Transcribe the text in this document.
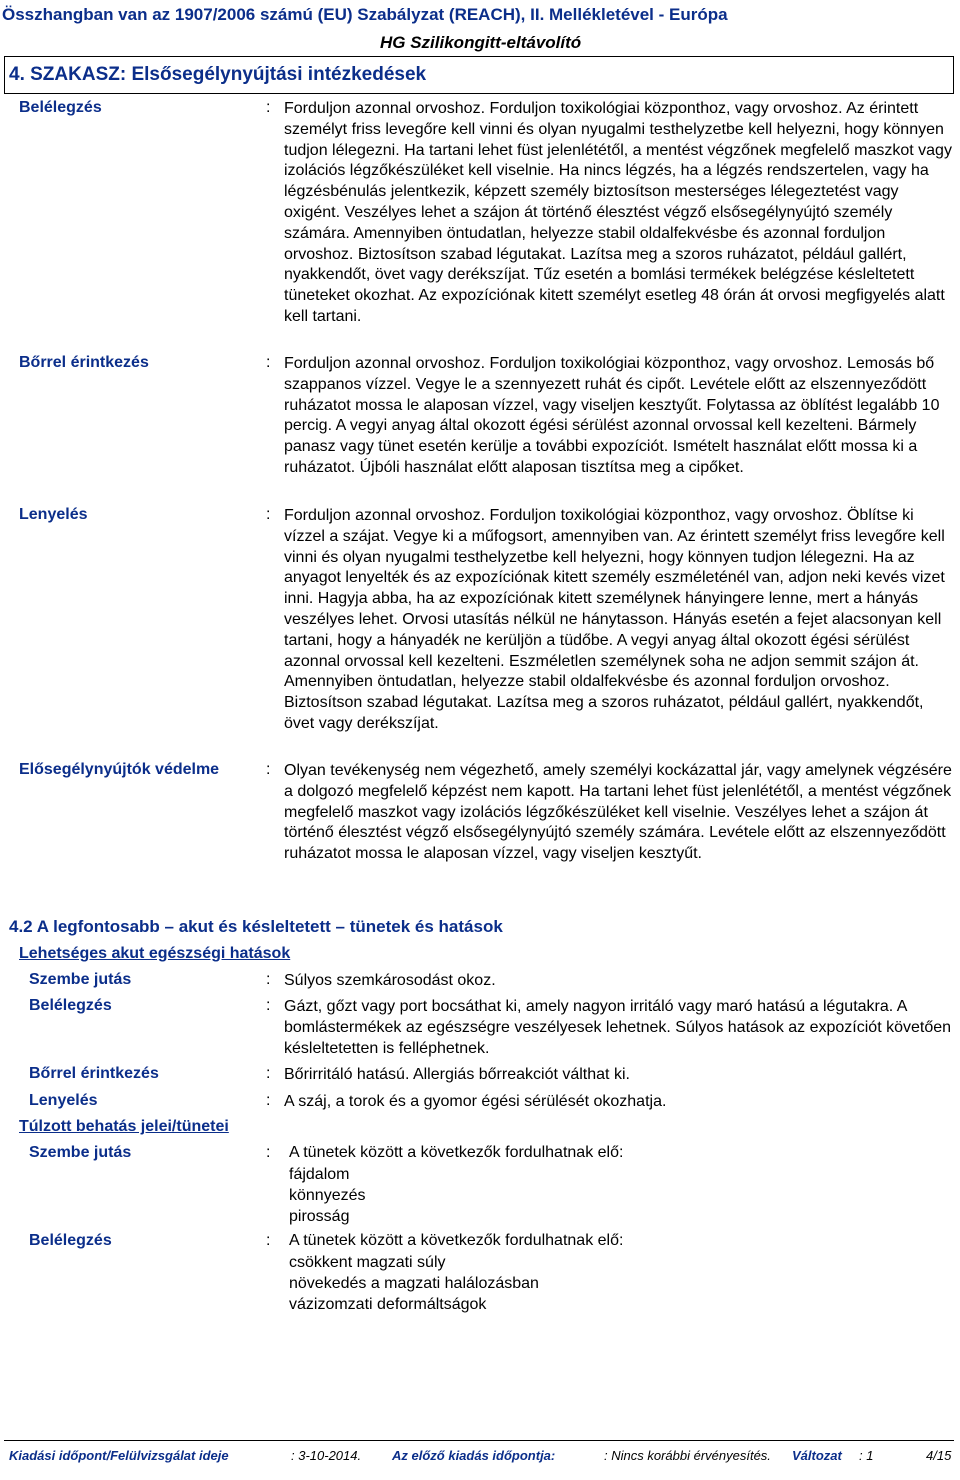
Összhangban van az 1907/2006 számú (EU) Szabályzat (REACH), II. Mellékletével - Európa
HG Szilikongitt-eltávolító
4. SZAKASZ: Elsősegélynyújtási intézkedések
Belélegzés	: Forduljon azonnal orvoshoz. Forduljon toxikológiai központhoz, vagy orvoshoz. Az érintett személyt friss levegőre kell vinni és olyan nyugalmi testhelyzetbe kell helyezni, hogy könnyen tudjon lélegezni. Ha tartani lehet füst jelenlététől, a mentést végzőnek megfelelő maszkot vagy izolációs légzőkészüléket kell viselnie. Ha nincs légzés, ha a légzés rendszertelen, vagy ha légzésbénulás jelentkezik, képzett személy biztosítson mesterséges lélegeztetést vagy oxigént. Veszélyes lehet a szájon át történő élesztést végző elsősegélynyújtó személy számára. Amennyiben öntudatlan, helyezze stabil oldalfekvésbe és azonnal forduljon orvoshoz. Biztosítson szabad légutakat. Lazítsa meg a szoros ruházatot, például gallért, nyakkendőt, övet vagy derékszíjat. Tűz esetén a bomlási termékek belégzése késleltetett tüneteket okozhat. Az expozíciónak kitett személyt esetleg 48 órán át orvosi megfigyelés alatt kell tartani.
Bőrrel érintkezés	: Forduljon azonnal orvoshoz. Forduljon toxikológiai központhoz, vagy orvoshoz. Lemosás bő szappanos vízzel. Vegye le a szennyezett ruhát és cipőt. Levétele előtt az elszennyeződött ruházatot mossa le alaposan vízzel, vagy viseljen kesztyűt. Folytassa az öblítést legalább 10 percig. A vegyi anyag által okozott égési sérülést azonnal orvossal kell kezelteni. Bármely panasz vagy tünet esetén kerülje a további expozíciót. Ismételt használat előtt mossa ki a ruházatot. Újbóli használat előtt alaposan tisztítsa meg a cipőket.
Lenyelés	: Forduljon azonnal orvoshoz. Forduljon toxikológiai központhoz, vagy orvoshoz. Öblítse ki vízzel a szájat. Vegye ki a műfogsort, amennyiben van. Az érintett személyt friss levegőre kell vinni és olyan nyugalmi testhelyzetbe kell helyezni, hogy könnyen tudjon lélegezni. Ha az anyagot lenyelték és az expozíciónak kitett személy eszméleténél van, adjon neki kevés vizet inni. Hagyja abba, ha az expozíciónak kitett személynek hányingere lenne, mert a hányás veszélyes lehet. Orvosi utasítás nélkül ne hánytasson. Hányás esetén a fejet alacsonyan kell tartani, hogy a hányadék ne kerüljön a tüdőbe. A vegyi anyag által okozott égési sérülést azonnal orvossal kell kezelteni. Eszméletlen személynek soha ne adjon semmit szájon át. Amennyiben öntudatlan, helyezze stabil oldalfekvésbe és azonnal forduljon orvoshoz. Biztosítson szabad légutakat. Lazítsa meg a szoros ruházatot, például gallért, nyakkendőt, övet vagy derékszíjat.
Elősegélynyújtók védelme	: Olyan tevékenység nem végezhető, amely személyi kockázattal jár, vagy amelynek végzésére a dolgozó megfelelő képzést nem kapott. Ha tartani lehet füst jelenlététől, a mentést végzőnek megfelelő maszkot vagy izolációs légzőkészüléket kell viselnie. Veszélyes lehet a szájon át történő élesztést végző elsősegélynyújtó személy számára. Levétele előtt az elszennyeződött ruházatot mossa le alaposan vízzel, vagy viseljen kesztyűt.
4.2 A legfontosabb – akut és késleltetett – tünetek és hatások
Lehetséges akut egészségi hatások
Szembe jutás	: Súlyos szemkárosodást okoz.
Belélegzés	: Gázt, gőzt vagy port bocsáthat ki, amely nagyon irritáló vagy maró hatású a légutakra. A bomlástermékek az egészségre veszélyesek lehetnek. Súlyos hatások az expozíciót követően késleltetetten is felléphetnek.
Bőrrel érintkezés	: Bőrirritáló hatású. Allergiás bőrreakciót válthat ki.
Lenyelés	: A száj, a torok és a gyomor égési sérülését okozhatja.
Túlzott behatás jelei/tünetei
Szembe jutás	: A tünetek között a következők fordulhatnak elő:
fájdalom
könnyezés
pirosság
Belélegzés	: A tünetek között a következők fordulhatnak elő:
csökkent magzati súly
növekedés a magzati halálozásban
vázizomzati deformáltságok
Kiadási időpont/Felülvizsgálat ideje	: 3-10-2014. Az előző kiadás időpontja:	: Nincs korábbi érvényesítés. Változat : 1	4/15
